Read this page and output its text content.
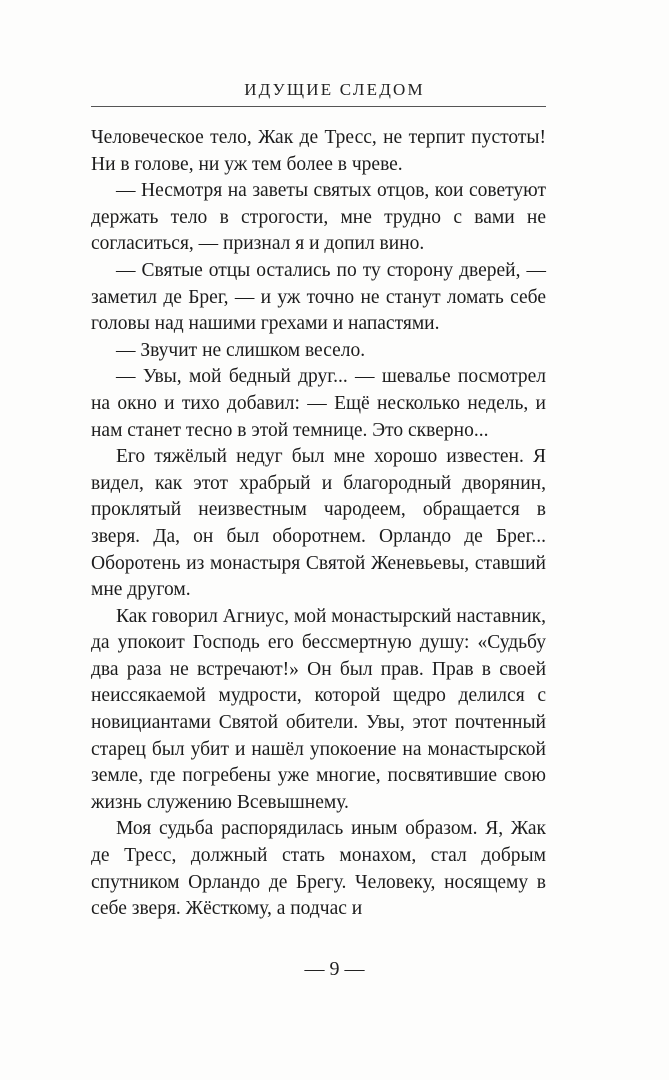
ИДУЩИЕ СЛЕДОМ

Человеческое тело, Жак де Тресс, не терпит пустоты! Ни в голове, ни уж тем более в чреве.

— Несмотря на заветы святых отцов, кои советуют держать тело в строгости, мне трудно с вами не согласиться, — признал я и допил вино.

— Святые отцы остались по ту сторону дверей, — заметил де Брег, — и уж точно не станут ломать себе головы над нашими грехами и напастями.

— Звучит не слишком весело.

— Увы, мой бедный друг... — шевалье посмотрел на окно и тихо добавил: — Ещё несколько недель, и нам станет тесно в этой темнице. Это скверно...

Его тяжёлый недуг был мне хорошо известен. Я видел, как этот храбрый и благородный дворянин, проклятый неизвестным чародеем, обращается в зверя. Да, он был оборотнем. Орландо де Брег... Оборотень из монастыря Святой Женевьевы, ставший мне другом.

Как говорил Агниус, мой монастырский наставник, да упокоит Господь его бессмертную душу: «Судьбу два раза не встречают!» Он был прав. Прав в своей неиссякаемой мудрости, которой щедро делился с новициантами Святой обители. Увы, этот почтенный старец был убит и нашёл упокоение на монастырской земле, где погребены уже многие, посвятившие свою жизнь служению Всевышнему.

Моя судьба распорядилась иным образом. Я, Жак де Тресс, должный стать монахом, стал добрым спутником Орландо де Брегу. Человеку, носящему в себе зверя. Жёсткому, а подчас и

— 9 —
